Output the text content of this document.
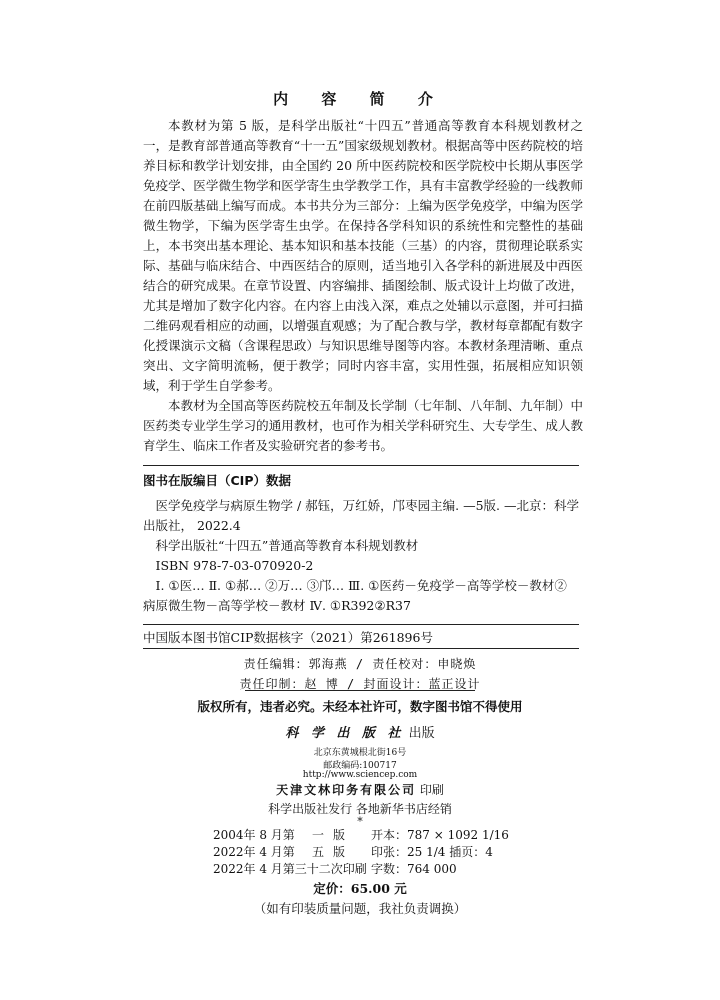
内 容 简 介

本教材为第 5 版，是科学出版社“十四五”普通高等教育本科规划教材之一，是教育部普通高等教育“十一五”国家级规划教材。根据高等中医药院校的培养目标和教学计划安排，由全国约 20 所中医药院校和医学院校中长期从事医学免疫学、医学微生物学和医学寄生虫学教学工作，具有丰富教学经验的一线教师在前四版基础上编写而成。本书共分为三部分：上编为医学免疫学，中编为医学微生物学，下编为医学寄生虫学。在保持各学科知识的系统性和完整性的基础上，本书突出基本理论、基本知识和基本技能（三基）的内容，贯彻理论联系实际、基础与临床结合、中西医结合的原则，适当地引入各学科的新进展及中西医结合的研究成果。在章节设置、内容编排、插图绘制、版式设计上均做了改进，尤其是增加了数字化内容。在内容上由浅入深，难点之处辅以示意图，并可扫描二维码观看相应的动画，以增强直观感；为了配合教与学，教材每章都配有数字化授课演示文稿（含课程思政）与知识思维导图等内容。本教材条理清晰、重点突出、文字简明流畅，便于教学；同时内容丰富，实用性强，拓展相应知识领域，利于学生自学参考。

本教材为全国高等医药院校五年制及长学制（七年制、八年制、九年制）中医药类专业学生学习的通用教材，也可作为相关学科研究生、大专学生、成人教育学生、临床工作者及实验研究者的参考书。

图书在版编目（CIP）数据

医学免疫学与病原生物学 / 郝钰，万红娇，邝枣园主编. —5版. —北京：科学出版社， 2022.4

科学出版社“十四五”普通高等教育本科规划教材

ISBN 978-7-03-070920-2

Ⅰ. ①医… Ⅱ. ①郝… ②万… ③邝… Ⅲ. ①医药－免疫学－高等学校－教材②病原微生物－高等学校－教材 Ⅳ. ①R392②R37

中国版本图书馆CIP数据核字（2021）第261896号
责任编辑：郭海燕 / 责任校对：申晓焕
责任印制：赵 博 / 封面设计：蓝正设计
版权所有，违者必究。未经本社许可，数字图书馆不得使用
科 学 出 版 社 出版
北京东黄城根北街16号
邮政编码:100717
http://www.sciencep.com
天津文林印务有限公司 印刷
科学出版社发行 各地新华书店经销
*
2004年 8 月第 一 版 开本：787 × 1092 1/16
2022年 4 月第 五 版 印张：25 1/4 插页：4
2022年 4 月第三十二次印刷 字数：764 000
定价：65.00 元
（如有印装质量问题，我社负责调换）
